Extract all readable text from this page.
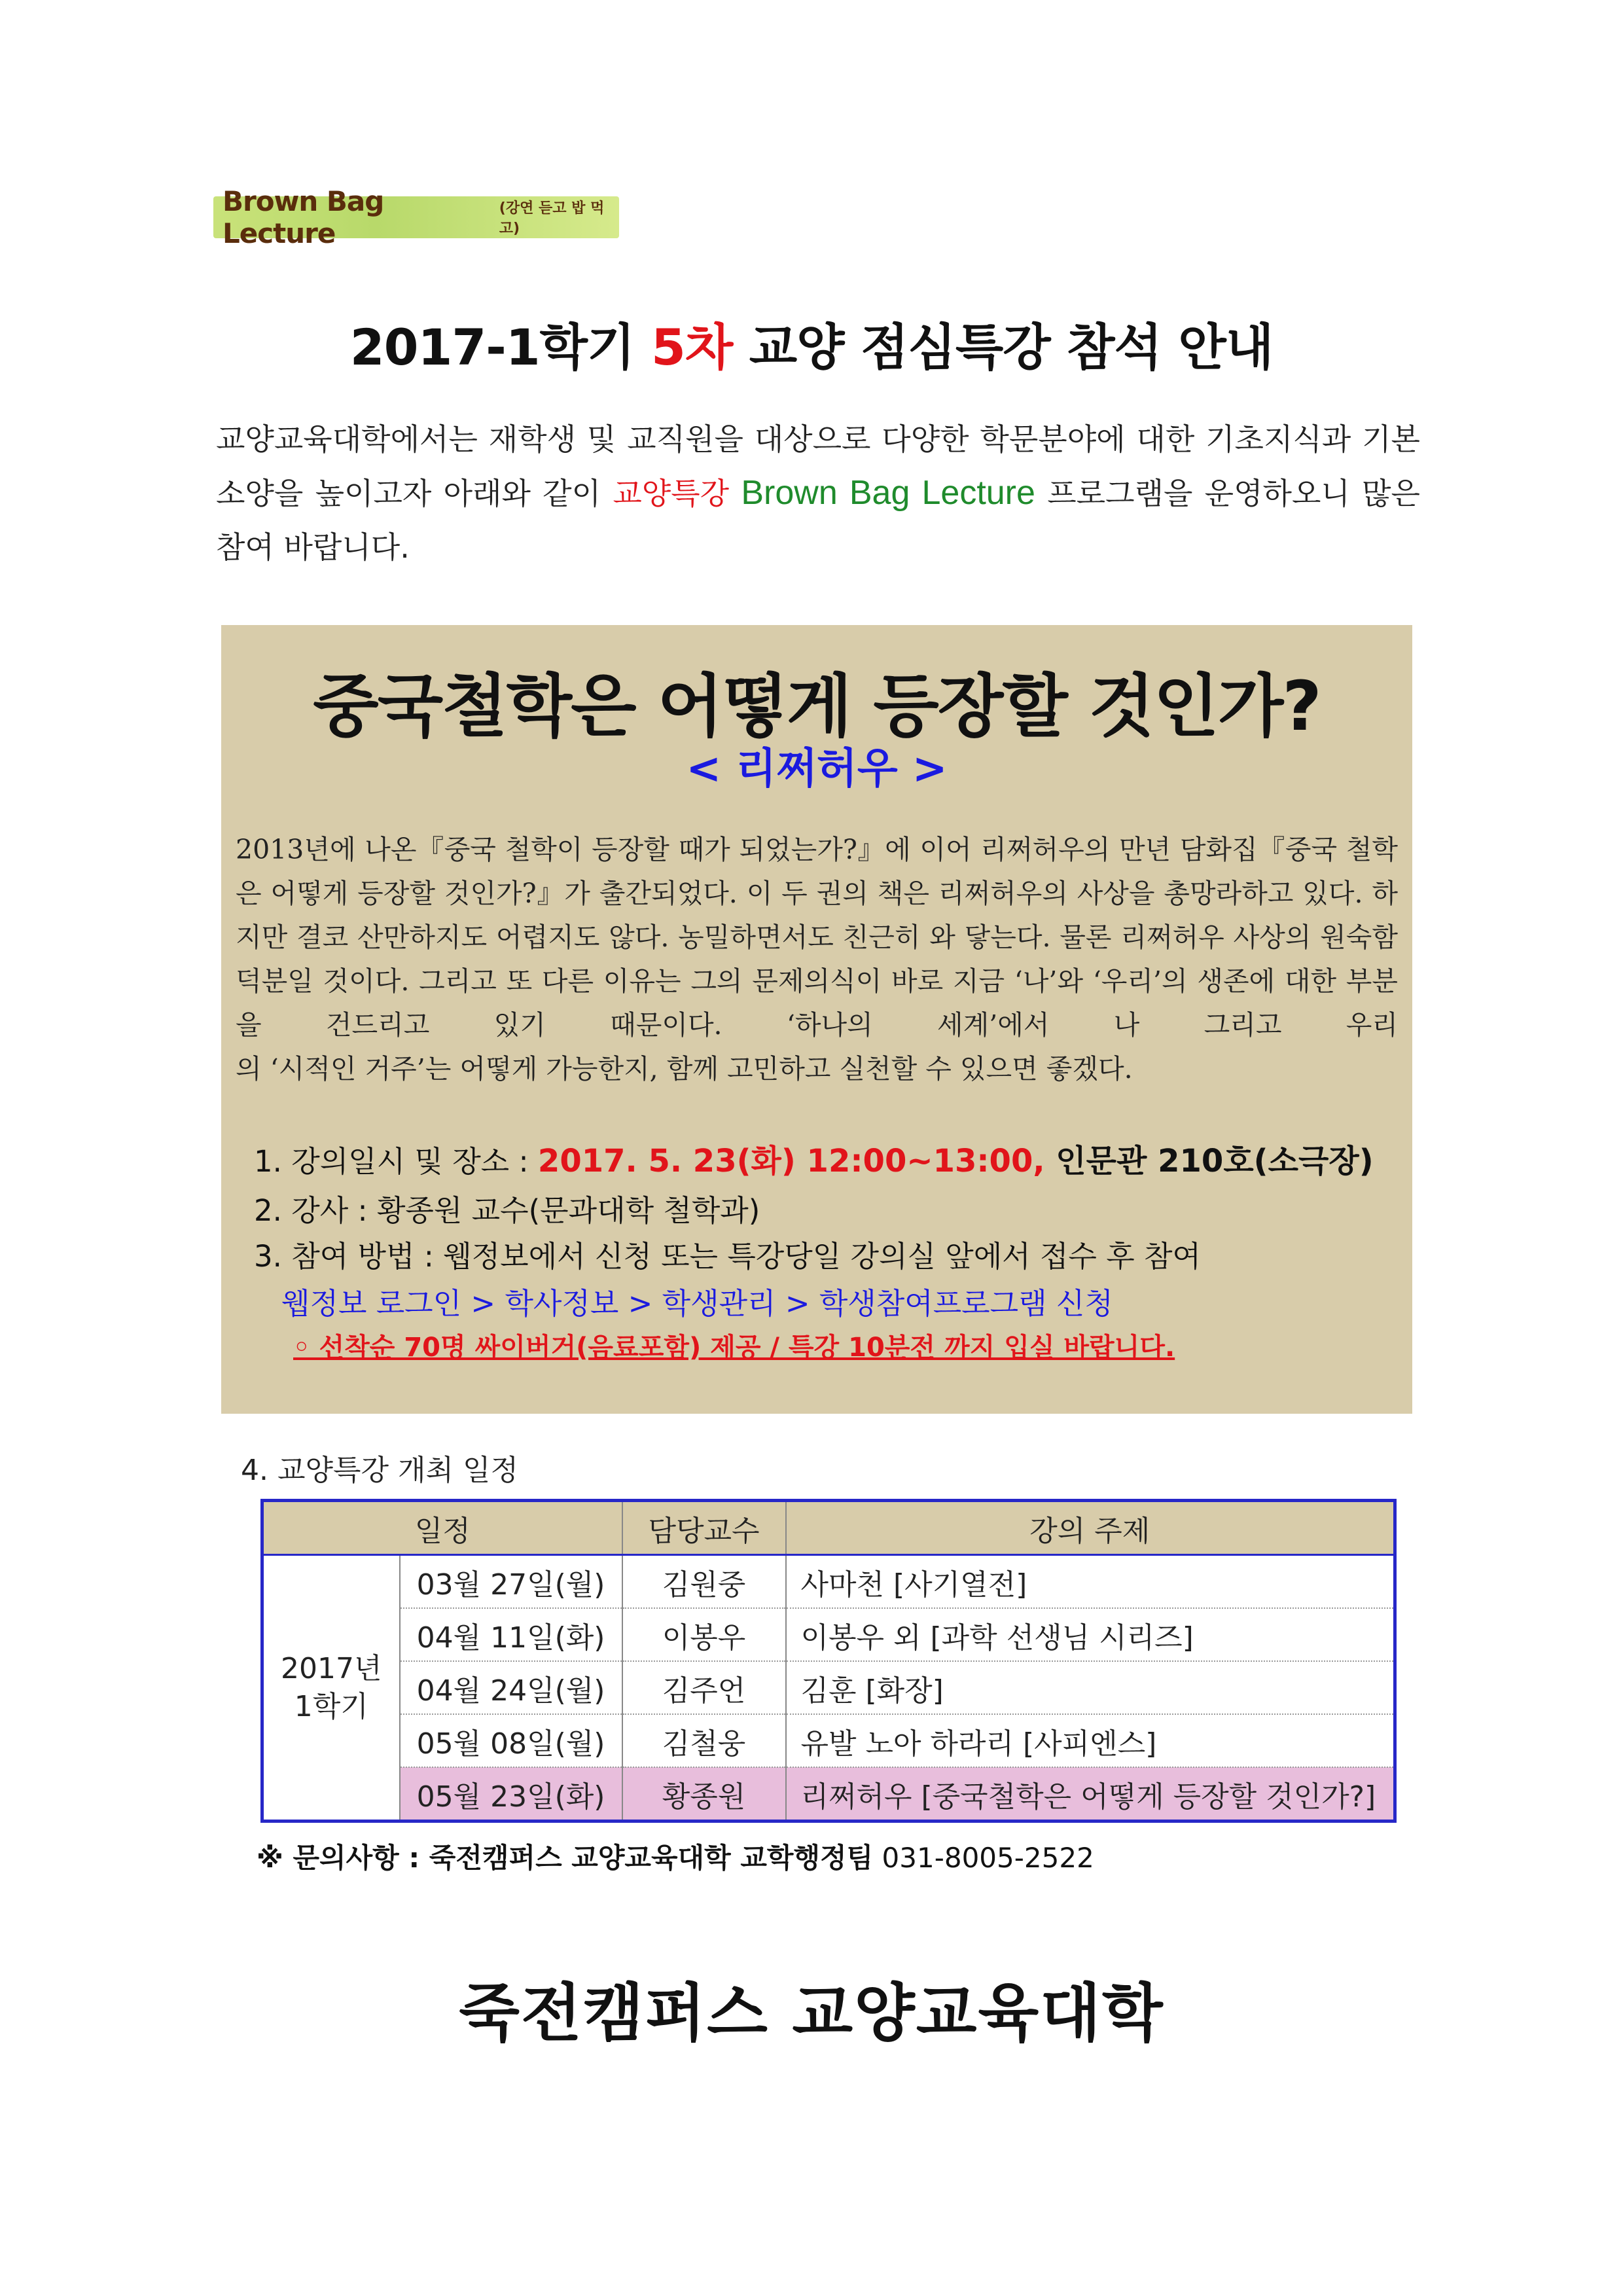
Brown Bag Lecture
(강연 듣고 밥 먹고)
2017-1학기 5차 교양 점심특강 참석 안내
교양교육대학에서는 재학생 및 교직원을 대상으로 다양한 학문분야에 대한 기초지식과 기본 소양을 높이고자 아래와 같이 교양특강 Brown Bag Lecture 프로그램을 운영하오니 많은 참여 바랍니다.
중국철학은 어떻게 등장할 것인가?
< 리쩌허우 >
2013년에 나온『중국 철학이 등장할 때가 되었는가?』에 이어 리쩌허우의 만년 담화집『중국 철학은 어떻게 등장할 것인가?』가 출간되었다. 이 두 권의 책은 리쩌허우의 사상을 총망라하고 있다. 하지만 결코 산만하지도 어렵지도 않다. 농밀하면서도 친근히 와 닿는다. 물론 리쩌허우 사상의 원숙함 덕분일 것이다. 그리고 또 다른 이유는 그의 문제의식이 바로 지금 ‘나’와 ‘우리’의 생존에 대한 부분을 건드리고 있기 때문이다. ‘하나의 세계’에서 나 그리고 우리
의 ‘시적인 거주’는 어떻게 가능한지, 함께 고민하고 실천할 수 있으면 좋겠다.
1. 강의일시 및 장소 : 2017. 5. 23(화) 12:00~13:00, 인문관 210호(소극장)
2. 강사 : 황종원 교수(문과대학 철학과)
3. 참여 방법 : 웹정보에서 신청 또는 특강당일 강의실 앞에서 접수 후 참여
웹정보 로그인 > 학사정보 > 학생관리 > 학생참여프로그램 신청
◦ 선착순 70명 싸이버거(음료포함) 제공 / 특강 10분전 까지 입실 바랍니다.
4. 교양특강 개최 일정
일정		담당교수	강의 주제

2017년
1학기	03월 27일(월)	김원중	사마천 [사기열전]
	04월 11일(화)	이봉우	이봉우 외 [과학 선생님 시리즈]
	04월 24일(월)	김주언	김훈 [화장]
	05월 08일(월)	김철웅	유발 노아 하라리 [사피엔스]
	05월 23일(화)	황종원	리쩌허우 [중국철학은 어떻게 등장할 것인가?]
※ 문의사항 : 죽전캠퍼스 교양교육대학 교학행정팀 031-8005-2522
죽전캠퍼스 교양교육대학
